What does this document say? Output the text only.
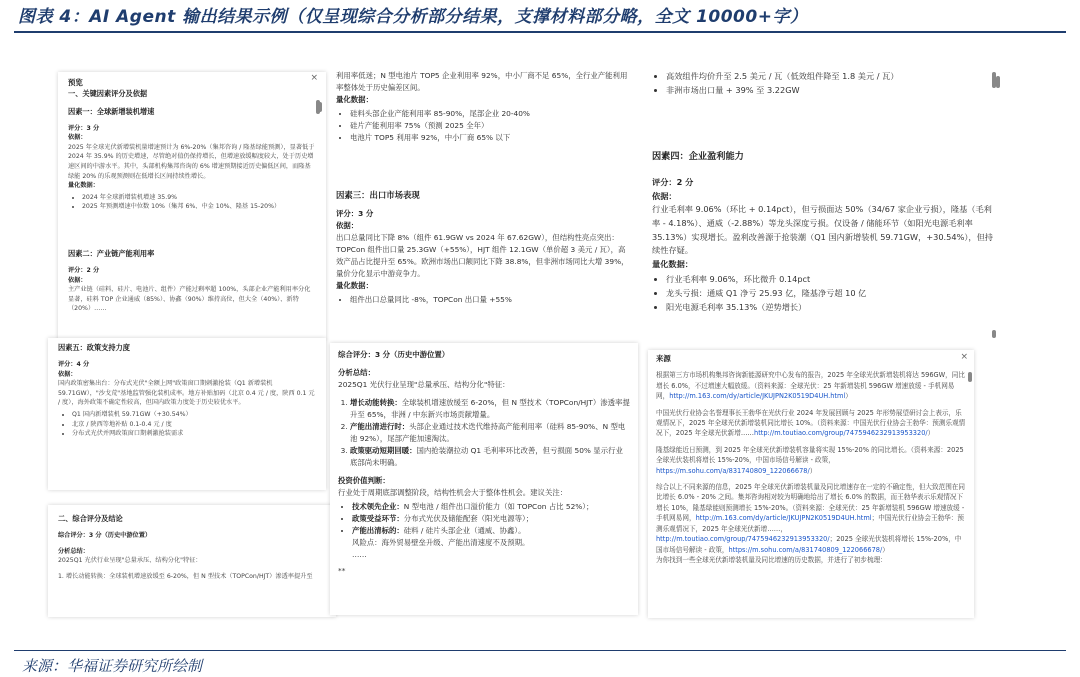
图表 4：AI Agent 输出结果示例（仅呈现综合分析部分结果，支撑材料部分略，全文 10000+字）
×

预览

一、关键因素评分及依据

因素一：全球新增装机增速

评分：3 分

依据：

2025 年全球光伏新增装机量增速预计为 6%-20%（集邦咨询 / 隆基绿能预测），显著低于 2024 年 35.9% 的历史增速，尽管绝对值仍保持增长，但增速放缓幅度较大，处于历史增速区间的中游水平。其中，头部机构集邦咨询的 6% 增速预期接近历史偏低区间，而隆基绿能 20% 的乐观预测则在低增长区间持续性增长。

量化数据：

• 2024 年全球新增装机增速 35.9%
• 2025 年预测增速中位数 10%（集邦 6%、中金 10%、隆基 15-20%）

因素二：产业链产能利用率

评分：2 分

依据：

主产业链（硅料、硅片、电池片、组件）产能过剩率超 100%，头部企业产能利用率分化显著，硅料 TOP 企业通威（85%）、协鑫（90%）维持高位，但大全（40%）、新特（20%）……

因素五：政策支持力度

评分：4 分

依据：

国内政策密集出台：分布式光伏"全额上网"政策窗口期刺激抢装（Q1 新增装机 59.71GW），"沙戈荒"基地监管强化装机成率。地方补贴加码（北京 0.4 元 / 度，陕西 0.1 元 / 度），海外政策不确定性较高，但国内政策力度处于历史较优水平。

• Q1 国内新增装机 59.71GW（+30.54%）
• 北京 / 陕西等地补贴 0.1-0.4 元 / 度
• 分布式光伏并网政策窗口期刺激抢装需求

二、综合评分及结论

综合评分：3 分（历史中游位置）

分析总结：

2025Q1 光伏行业呈现"总量承压、结构分化"特征：

1. 增长动能转换：全球装机增速放缓至 6-20%，但 N 型技术（TOPCon/HJT）渗透率提升至

利用率低迷；N 型电池片 TOP5 企业利用率 92%，中小厂商不足 65%，全行业产能利用率整体处于历史偏差区间。

量化数据：

• 硅料头部企业产能利用率 85-90%，尾部企业 20-40%
• 硅片产能利用率 75%（预测 2025 全年）
• 电池片 TOP5 利用率 92%，中小厂商 65% 以下

因素三：出口市场表现

评分：3 分

依据：

出口总量同比下降 8%（组件 61.9GW vs 2024 年 67.62GW），但结构性亮点突出：TOPCon 组件出口量 25.3GW（+55%），HJT 组件 12.1GW（单价超 3 美元 / 瓦），高效产品占比提升至 65%。欧洲市场出口额同比下降 38.8%，但非洲市场同比大增 39%，量价分化显示中游竞争力。

量化数据：

• 组件出口总量同比 -8%，TOPCon 出口量 +55%

综合评分：3 分（历史中游位置）

分析总结：

2025Q1 光伏行业呈现"总量承压、结构分化"特征：

1. 增长动能转换：全球装机增速放缓至 6-20%，但 N 型技术（TOPCon/HJT）渗透率提升至 65%，非洲 / 中东新兴市场贡献增量。
2. 产能出清进行时：头部企业通过技术迭代维持高产能利用率（硅料 85-90%、N 型电池 92%），尾部产能加速淘汰。
3. 政策驱动短期回暖：国内抢装潮拉动 Q1 毛利率环比改善，但亏损面 50% 显示行业底部尚未明确。

投资价值判断：

行业处于周期底部调整阶段，结构性机会大于整体性机会。建议关注：

• 技术领先企业：N 型电池 / 组件出口溢价能力（如 TOPCon 占比 52%）；
• 政策受益环节：分布式光伏及储能配套（阳光电源等）；
• 产能出清标的：硅料 / 硅片头部企业（通威、协鑫）。
风险点：海外贸易壁垒升级、产能出清速度不及预期。
……

**

• 高效组件均价升至 2.5 美元 / 瓦（低效组件降至 1.8 美元 / 瓦）
• 非洲市场出口量 + 39% 至 3.22GW

因素四：企业盈利能力

评分：2 分

依据：

行业毛利率 9.06%（环比 + 0.14pct），但亏损面达 50%（34/67 家企业亏损），隆基（毛利率 - 4.18%）、通威（-2.88%）等龙头深度亏损。仅设备 / 储能环节（如阳光电源毛利率 35.13%）实现增长。盈利改善源于抢装潮（Q1 国内新增装机 59.71GW，+30.54%），但持续性存疑。

量化数据：

• 行业毛利率 9.06%，环比微升 0.14pct
• 龙头亏损：通威 Q1 净亏 25.93 亿，隆基净亏超 10 亿
• 阳光电源毛利率 35.13%（逆势增长）
×

来源

根据第三方市场机构集邦咨询新能源研究中心发布的报告，2025 年全球光伏新增装机将达 596GW，同比增长 6.0%，不过增速大幅放缓。（资料来源：全球光伏：25 年新增装机 596GW 增速放缓 - 手机网易网，http://m.163.com/dy/article/JKUJPN2K0519D4UH.html）

中国光伏行业协会名誉理事长王勃华在光伏行业 2024 年发展回顾与 2025 年形势展望研讨会上表示，乐观情况下，2025 年全球光伏新增装机同比增长 10%。（资料来源：中国光伏行业协会王勃华：预测乐观情况下，2025 年全球光伏新增……http://m.toutiao.com/group/7475946232913953320/）

隆基绿能近日预测，到 2025 年全球光伏新增装机容量将实现 15%-20% 的同比增长。（资料来源：2025 全球光伏装机将增长 15%-20%，中国市场信号解读 - 政策，https://m.sohu.com/a/831740809_122066678/）

综合以上不同来源的信息，2025 年全球光伏新增装机量及同比增速存在一定的不确定性，但大致范围在同比增长 6.0% - 20% 之间。集邦咨询相对较为明确地给出了增长 6.0% 的数据，而王勃华表示乐观情况下增长 10%，隆基绿能则预测增长 15%-20%。（资料来源：全球光伏：25 年新增装机 596GW 增速放缓 - 手机网易网，http://m.163.com/dy/article/JKUJPN2K0519D4UH.html；中国光伏行业协会王勃华：预测乐观情况下，2025 年全球光伏新增……，http://m.toutiao.com/group/7475946232913953320/；2025 全球光伏装机将增长 15%-20%，中国市场信号解读 - 政策，https://m.sohu.com/a/831740809_122066678/）

为你找到一些全球光伏新增装机量及同比增速的历史数据，并进行了初步梳理：

来源：华福证券研究所绘制
